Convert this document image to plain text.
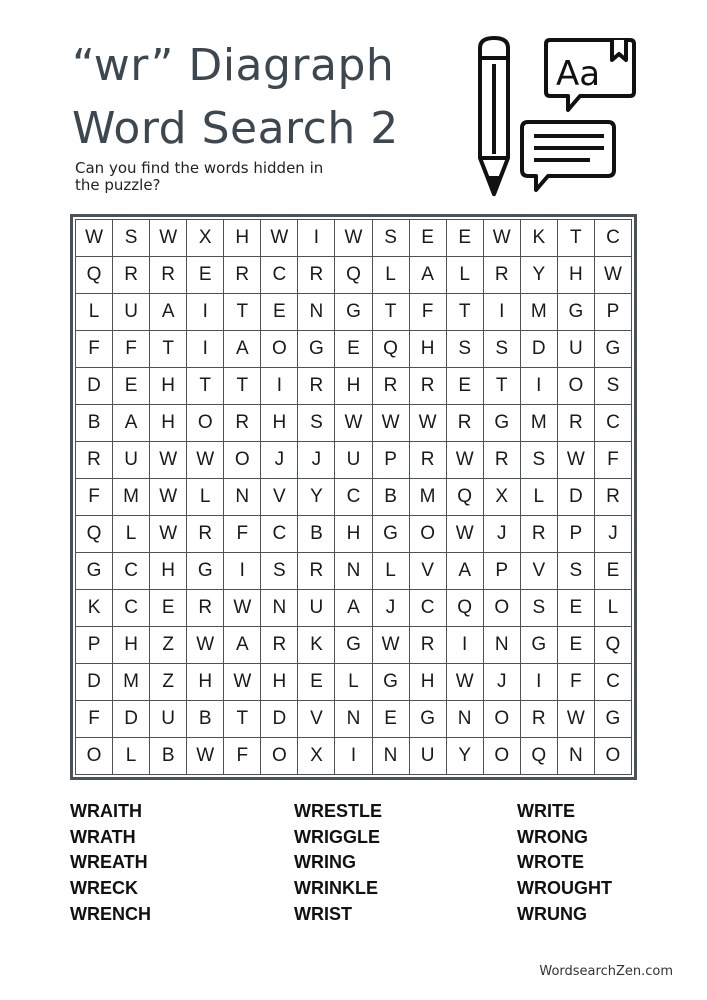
“wr” Diagraph
Word Search 2
Can you find the words hidden in the puzzle?
Aa
W	S	W	X	H	W	I	W	S	E	E	W	K	T	C
Q	R	R	E	R	C	R	Q	L	A	L	R	Y	H	W
L	U	A	I	T	E	N	G	T	F	T	I	M	G	P
F	F	T	I	A	O	G	E	Q	H	S	S	D	U	G
D	E	H	T	T	I	R	H	R	R	E	T	I	O	S
B	A	H	O	R	H	S	W	W	W	R	G	M	R	C
R	U	W	W	O	J	J	U	P	R	W	R	S	W	F
F	M	W	L	N	V	Y	C	B	M	Q	X	L	D	R
Q	L	W	R	F	C	B	H	G	O	W	J	R	P	J
G	C	H	G	I	S	R	N	L	V	A	P	V	S	E
K	C	E	R	W	N	U	A	J	C	Q	O	S	E	L
P	H	Z	W	A	R	K	G	W	R	I	N	G	E	Q
D	M	Z	H	W	H	E	L	G	H	W	J	I	F	C
F	D	U	B	T	D	V	N	E	G	N	O	R	W	G
O	L	B	W	F	O	X	I	N	U	Y	O	Q	N	O
WRAITH
WRATH
WREATH
WRECK
WRENCH
WRESTLE
WRIGGLE
WRING
WRINKLE
WRIST
WRITE
WRONG
WROTE
WROUGHT
WRUNG
WordsearchZen.com
